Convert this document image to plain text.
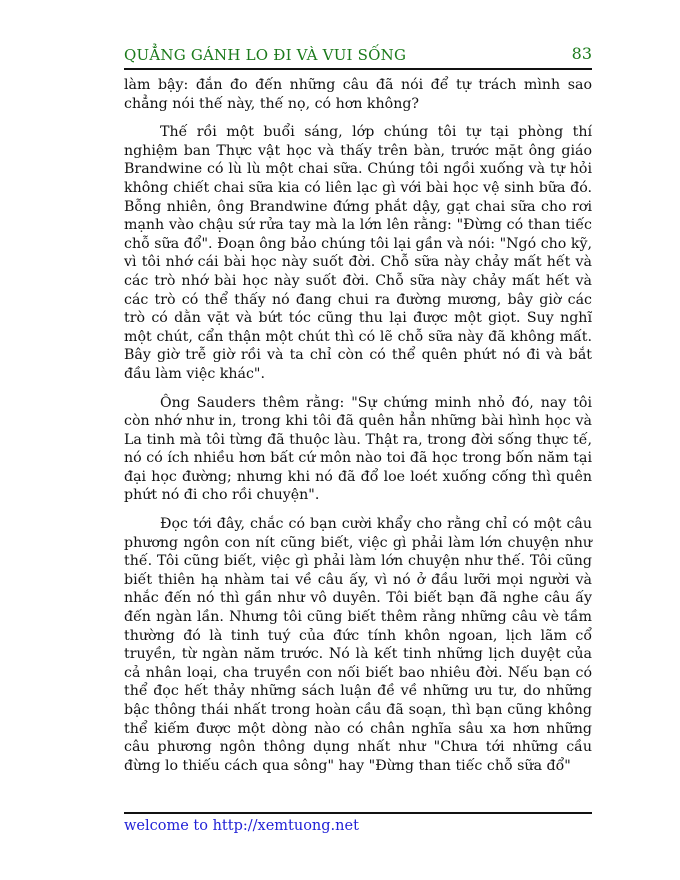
QUẲNG GÁNH LO ĐI VÀ VUI SỐNG	83

làm bậy: đắn đo đến những câu đã nói để tự trách mình sao chẳng nói thế này, thế nọ, có hơn không?

Thế rồi một buổi sáng, lớp chúng tôi tự tại phòng thí nghiệm ban Thực vật học và thấy trên bàn, trước mặt ông giáo Brandwine có lù lù một chai sữa. Chúng tôi ngồi xuống và tự hỏi không chiết chai sữa kia có liên lạc gì với bài học vệ sinh bữa đó. Bỗng nhiên, ông Brandwine đứng phắt dậy, gạt chai sữa cho rơi mạnh vào chậu sứ rửa tay mà la lớn lên rằng: "Đừng có than tiếc chỗ sữa đổ". Đoạn ông bảo chúng tôi lại gần và nói: "Ngó cho kỹ, vì tôi nhớ cái bài học này suốt đời. Chỗ sữa này chảy mất hết và các trò nhớ bài học này suốt đời. Chỗ sữa này chảy mất hết và các trò có thể thấy nó đang chui ra đường mương, bây giờ các trò có dằn vặt và bứt tóc cũng thu lại được một giọt. Suy nghĩ một chút, cẩn thận một chút thì có lẽ chỗ sữa này đã không mất. Bây giờ trễ giờ rồi và ta chỉ còn có thể quên phứt nó đi và bắt đầu làm việc khác".

Ông Sauders thêm rằng: "Sự chứng minh nhỏ đó, nay tôi còn nhớ như in, trong khi tôi đã quên hẳn những bài hình học và La tinh mà tôi từng đã thuộc làu. Thật ra, trong đời sống thực tế, nó có ích nhiều hơn bất cứ môn nào toi đã học trong bốn năm tại đại học đường; nhưng khi nó đã đổ loe loét xuống cống thì quên phứt nó đi cho rồi chuyện".

Đọc tới đây, chắc có bạn cười khẩy cho rằng chỉ có một câu phương ngôn con nít cũng biết, việc gì phải làm lớn chuyện như thế. Tôi cũng biết, việc gì phải làm lớn chuyện như thế. Tôi cũng biết thiên hạ nhàm tai về câu ấy, vì nó ở đầu lưỡi mọi người và nhắc đến nó thì gần như vô duyên. Tôi biết bạn đã nghe câu ấy đến ngàn lần. Nhưng tôi cũng biết thêm rằng những câu vè tầm thường đó là tinh tuý của đức tính khôn ngoan, lịch lãm cổ truyền, từ ngàn năm trước. Nó là kết tinh những lịch duyệt của cả nhân loại, cha truyền con nối biết bao nhiêu đời. Nếu bạn có thể đọc hết thảy những sách luận đề về những ưu tư, do những bậc thông thái nhất trong hoàn cầu đã soạn, thì bạn cũng không thể kiếm được một dòng nào có chân nghĩa sâu xa hơn những câu phương ngôn thông dụng nhất như "Chưa tới những cầu đừng lo thiếu cách qua sông" hay "Đừng than tiếc chỗ sữa đổ"

welcome to http://xemtuong.net
